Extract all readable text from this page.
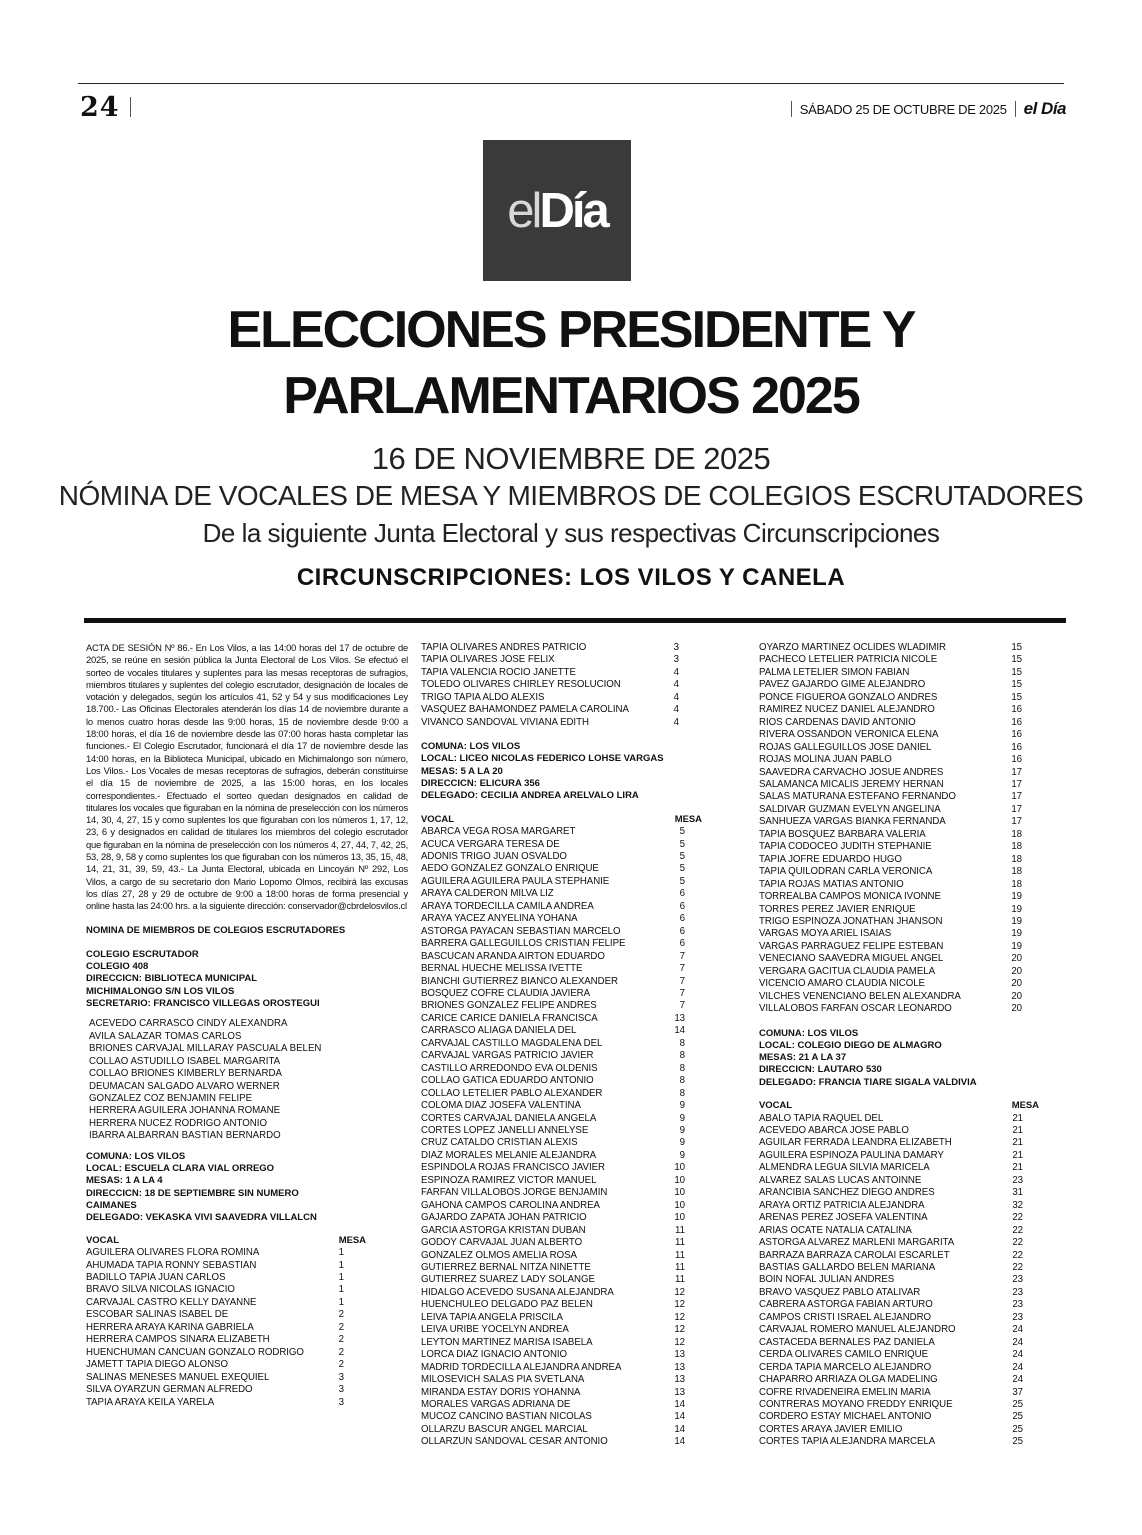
24	SÁBADO 25 DE OCTUBRE DE 2025 el Día
elDía
ELECCIONES PRESIDENTE Y
PARLAMENTARIOS 2025
16 DE NOVIEMBRE DE 2025
NÓMINA DE VOCALES DE MESA Y MIEMBROS DE COLEGIOS ESCRUTADORES
De la siguiente Junta Electoral y sus respectivas Circunscripciones
CIRCUNSCRIPCIONES: LOS VILOS Y CANELA
ACTA DE SESIÓN Nº 86.- En Los Vilos, a las 14:00 horas del 17 de octubre de 2025, se reúne en sesión pública la Junta Electoral de Los Vilos. Se efectuó el sorteo de vocales titulares y suplentes para las mesas receptoras de sufragios, miembros titulares y suplentes del colegio escrutador, designación de locales de votación y delegados, según los artículos 41, 52 y 54 y sus modificaciones Ley 18.700.- Las Oficinas Electorales atenderán los días 14 de noviembre durante a lo menos cuatro horas desde las 9:00 horas, 15 de noviembre desde 9:00 a 18:00 horas, el día 16 de noviembre desde las 07:00 horas hasta completar las funciones.- El Colegio Escrutador, funcionará el día 17 de noviembre desde las 14:00 horas, en la Biblioteca Municipal, ubicado en Michimalongo son número, Los Vilos.- Los Vocales de mesas receptoras de sufragios, deberán constituirse el día 15 de noviembre de 2025, a las 15:00 horas, en los locales correspondientes.- Efectuado el sorteo quedan designados en calidad de titulares los vocales que figuraban en la nómina de preselección con los números 14, 30, 4, 27, 15 y como suplentes los que figuraban con los números 1, 17, 12, 23, 6 y designados en calidad de titulares los miembros del colegio escrutador que figuraban en la nómina de preselección con los números 4, 27, 44, 7, 42, 25, 53, 28, 9, 58 y como suplentes los que figuraban con los números 13, 35, 15, 48, 14, 21, 31, 39, 59, 43.- La Junta Electoral, ubicada en Lincoyán Nº 292, Los Vilos, a cargo de su secretario don Mario Lopomo Olmos, recibirá las excusas los días 27, 28 y 29 de octubre de 9:00 a 18:00 horas de forma presencial y online hasta las 24:00 hrs. a la siguiente dirección: conservador@cbrdelosvilos.cl
NOMINA DE MIEMBROS DE COLEGIOS ESCRUTADORES
COLEGIO ESCRUTADOR
COLEGIO 408
DIRECCICN: BIBLIOTECA MUNICIPAL
MICHIMALONGO S/N LOS VILOS
SECRETARIO: FRANCISCO VILLEGAS OROSTEGUI
ACEVEDO CARRASCO CINDY ALEXANDRA
AVILA SALAZAR TOMAS CARLOS
BRIONES CARVAJAL MILLARAY PASCUALA BELEN
COLLAO ASTUDILLO ISABEL MARGARITA
COLLAO BRIONES KIMBERLY BERNARDA
DEUMACAN SALGADO ALVARO WERNER
GONZALEZ COZ BENJAMIN FELIPE
HERRERA AGUILERA JOHANNA ROMANE
HERRERA NUCEZ RODRIGO ANTONIO
IBARRA ALBARRAN BASTIAN BERNARDO
COMUNA: LOS VILOS
LOCAL: ESCUELA CLARA VIAL ORREGO
MESAS: 1 A LA 4
DIRECCICN: 18 DE SEPTIEMBRE SIN NUMERO
CAIMANES
DELEGADO: VEKASKA VIVI SAAVEDRA VILLALCN
VOCAL	MESA
AGUILERA OLIVARES FLORA ROMINA	1
AHUMADA TAPIA RONNY SEBASTIAN	1
BADILLO TAPIA JUAN CARLOS	1
BRAVO SILVA NICOLAS IGNACIO	1
CARVAJAL CASTRO KELLY DAYANNE	1
ESCOBAR SALINAS ISABEL DE	2
HERRERA ARAYA KARINA GABRIELA	2
HERRERA CAMPOS SINARA ELIZABETH	2
HUENCHUMAN CANCUAN GONZALO RODRIGO	2
JAMETT TAPIA DIEGO ALONSO	2
SALINAS MENESES MANUEL EXEQUIEL	3
SILVA OYARZUN GERMAN ALFREDO	3
TAPIA ARAYA KEILA YARELA	3
TAPIA OLIVARES ANDRES PATRICIO	3
TAPIA OLIVARES JOSE FELIX	3
TAPIA VALENCIA ROCIO JANETTE	4
TOLEDO OLIVARES CHIRLEY RESOLUCION	4
TRIGO TAPIA ALDO ALEXIS	4
VASQUEZ BAHAMONDEZ PAMELA CAROLINA	4
VIVANCO SANDOVAL VIVIANA EDITH	4
COMUNA: LOS VILOS
LOCAL: LICEO NICOLAS FEDERICO LOHSE VARGAS
MESAS: 5 A LA 20
DIRECCICN: ELICURA 356
DELEGADO: CECILIA ANDREA ARELVALO LIRA
VOCAL	MESA
ABARCA VEGA ROSA MARGARET	5
ACUCA VERGARA TERESA DE	5
ADONIS TRIGO JUAN OSVALDO	5
AEDO GONZALEZ GONZALO ENRIQUE	5
AGUILERA AGUILERA PAULA STEPHANIE	5
ARAYA CALDERON MILVA LIZ	6
ARAYA TORDECILLA CAMILA ANDREA	6
ARAYA YACEZ ANYELINA YOHANA	6
ASTORGA PAYACAN SEBASTIAN MARCELO	6
BARRERA GALLEGUILLOS CRISTIAN FELIPE	6
BASCUCAN ARANDA AIRTON EDUARDO	7
BERNAL HUECHE MELISSA IVETTE	7
BIANCHI GUTIERREZ BIANCO ALEXANDER	7
BOSQUEZ COFRE CLAUDIA JAVIERA	7
BRIONES GONZALEZ FELIPE ANDRES	7
CARICE CARICE DANIELA FRANCISCA	13
CARRASCO ALIAGA DANIELA DEL	14
CARVAJAL CASTILLO MAGDALENA DEL	8
CARVAJAL VARGAS PATRICIO JAVIER	8
CASTILLO ARREDONDO EVA OLDENIS	8
COLLAO GATICA EDUARDO ANTONIO	8
COLLAO LETELIER PABLO ALEXANDER	8
COLOMA DIAZ JOSEFA VALENTINA	9
CORTES CARVAJAL DANIELA ANGELA	9
CORTES LOPEZ JANELLI ANNELYSE	9
CRUZ CATALDO CRISTIAN ALEXIS	9
DIAZ MORALES MELANIE ALEJANDRA	9
ESPINDOLA ROJAS FRANCISCO JAVIER	10
ESPINOZA RAMIREZ VICTOR MANUEL	10
FARFAN VILLALOBOS JORGE BENJAMIN	10
GAHONA CAMPOS CAROLINA ANDREA	10
GAJARDO ZAPATA JOHAN PATRICIO	10
GARCIA ASTORGA KRISTAN DUBAN	11
GODOY CARVAJAL JUAN ALBERTO	11
GONZALEZ OLMOS AMELIA ROSA	11
GUTIERREZ BERNAL NITZA NINETTE	11
GUTIERREZ SUAREZ LADY SOLANGE	11
HIDALGO ACEVEDO SUSANA ALEJANDRA	12
HUENCHULEO DELGADO PAZ BELEN	12
LEIVA TAPIA ANGELA PRISCILA	12
LEIVA URIBE YOCELYN ANDREA	12
LEYTON MARTINEZ MARISA ISABELA	12
LORCA DIAZ IGNACIO ANTONIO	13
MADRID TORDECILLA ALEJANDRA ANDREA	13
MILOSEVICH SALAS PIA SVETLANA	13
MIRANDA ESTAY DORIS YOHANNA	13
MORALES VARGAS ADRIANA DE	14
MUCOZ CANCINO BASTIAN NICOLAS	14
OLLARZU BASCUR ANGEL MARCIAL	14
OLLARZUN SANDOVAL CESAR ANTONIO	14
OYARZO MARTINEZ OCLIDES WLADIMIR	15
PACHECO LETELIER PATRICIA NICOLE	15
PALMA LETELIER SIMON FABIAN	15
PAVEZ GAJARDO GIME ALEJANDRO	15
PONCE FIGUEROA GONZALO ANDRES	15
RAMIREZ NUCEZ DANIEL ALEJANDRO	16
RIOS CARDENAS DAVID ANTONIO	16
RIVERA OSSANDON VERONICA ELENA	16
ROJAS GALLEGUILLOS JOSE DANIEL	16
ROJAS MOLINA JUAN PABLO	16
SAAVEDRA CARVACHO JOSUE ANDRES	17
SALAMANCA MICALIS JEREMY HERNAN	17
SALAS MATURANA ESTEFANO FERNANDO	17
SALDIVAR GUZMAN EVELYN ANGELINA	17
SANHUEZA VARGAS BIANKA FERNANDA	17
TAPIA BOSQUEZ BARBARA VALERIA	18
TAPIA CODOCEO JUDITH STEPHANIE	18
TAPIA JOFRE EDUARDO HUGO	18
TAPIA QUILODRAN CARLA VERONICA	18
TAPIA ROJAS MATIAS ANTONIO	18
TORREALBA CAMPOS MONICA IVONNE	19
TORRES PEREZ JAVIER ENRIQUE	19
TRIGO ESPINOZA JONATHAN JHANSON	19
VARGAS MOYA ARIEL ISAIAS	19
VARGAS PARRAGUEZ FELIPE ESTEBAN	19
VENECIANO SAAVEDRA MIGUEL ANGEL	20
VERGARA GACITUA CLAUDIA PAMELA	20
VICENCIO AMARO CLAUDIA NICOLE	20
VILCHES VENENCIANO BELEN ALEXANDRA	20
VILLALOBOS FARFAN OSCAR LEONARDO	20
COMUNA: LOS VILOS
LOCAL: COLEGIO DIEGO DE ALMAGRO
MESAS: 21 A LA 37
DIRECCICN: LAUTARO 530
DELEGADO: FRANCIA TIARE SIGALA VALDIVIA
VOCAL	MESA
ABALO TAPIA RAQUEL DEL	21
ACEVEDO ABARCA JOSE PABLO	21
AGUILAR FERRADA LEANDRA ELIZABETH	21
AGUILERA ESPINOZA PAULINA DAMARY	21
ALMENDRA LEGUA SILVIA MARICELA	21
ALVAREZ SALAS LUCAS ANTOINNE	23
ARANCIBIA SANCHEZ DIEGO ANDRES	31
ARAYA ORTIZ PATRICIA ALEJANDRA	32
ARENAS PEREZ JOSEFA VALENTINA	22
ARIAS OCATE NATALIA CATALINA	22
ASTORGA ALVAREZ MARLENI MARGARITA	22
BARRAZA BARRAZA CAROLAI ESCARLET	22
BASTIAS GALLARDO BELEN MARIANA	22
BOIN NOFAL JULIAN ANDRES	23
BRAVO VASQUEZ PABLO ATALIVAR	23
CABRERA ASTORGA FABIAN ARTURO	23
CAMPOS CRISTI ISRAEL ALEJANDRO	23
CARVAJAL ROMERO MANUEL ALEJANDRO	24
CASTACEDA BERNALES PAZ DANIELA	24
CERDA OLIVARES CAMILO ENRIQUE	24
CERDA TAPIA MARCELO ALEJANDRO	24
CHAPARRO ARRIAZA OLGA MADELING	24
COFRE RIVADENEIRA EMELIN MARIA	37
CONTRERAS MOYANO FREDDY ENRIQUE	25
CORDERO ESTAY MICHAEL ANTONIO	25
CORTES ARAYA JAVIER EMILIO	25
CORTES TAPIA ALEJANDRA MARCELA	25
